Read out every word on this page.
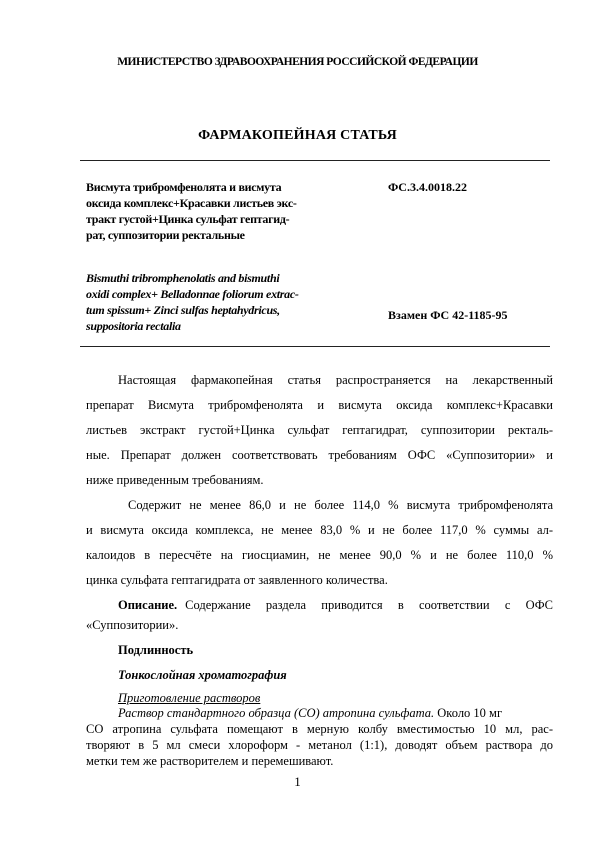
МИНИСТЕРСТВО ЗДРАВООХРАНЕНИЯ РОССИЙСКОЙ ФЕДЕРАЦИИ
ФАРМАКОПЕЙНАЯ СТАТЬЯ
Висмута трибромфенолята и висмута
оксида комплекс+Красавки листьев экс-
тракт густой+Цинка сульфат гептагид-
рат, суппозитории ректальные
Bismuthi tribromphenolatis and bismuthi
oxidi complex+ Belladonnae foliorum extrac-
tum spissum+ Zinci sulfas heptahydricus,
suppositoria rectalia
ФС.3.4.0018.22
Взамен ФС 42-1185-95
Настоящая фармакопейная статья распространяется на лекарственный
препарат Висмута трибромфенолята и висмута оксида комплекс+Красавки
листьев экстракт густой+Цинка сульфат гептагидрат, суппозитории ректаль-
ные. Препарат должен соответствовать требованиям ОФС «Суппозитории» и
ниже приведенным требованиям.
Содержит не менее 86,0 и не более 114,0 % висмута трибромфенолята
и висмута оксида комплекса, не менее 83,0 % и не более 117,0 % суммы ал-
калоидов в пересчёте на гиосциамин, не менее 90,0 % и не более 110,0 %
цинка сульфата гептагидрата от заявленного количества.
Описание. Содержание раздела приводится в соответствии с ОФС
«Суппозитории».
Подлинность
Тонкослойная хроматография
Приготовление растворов
Раствор стандартного образца (СО) атропина сульфата. Около 10 мг
СО атропина сульфата помещают в мерную колбу вместимостью 10 мл, рас-
творяют в 5 мл смеси хлороформ - метанол (1:1), доводят объем раствора до
метки тем же растворителем и перемешивают.
1
